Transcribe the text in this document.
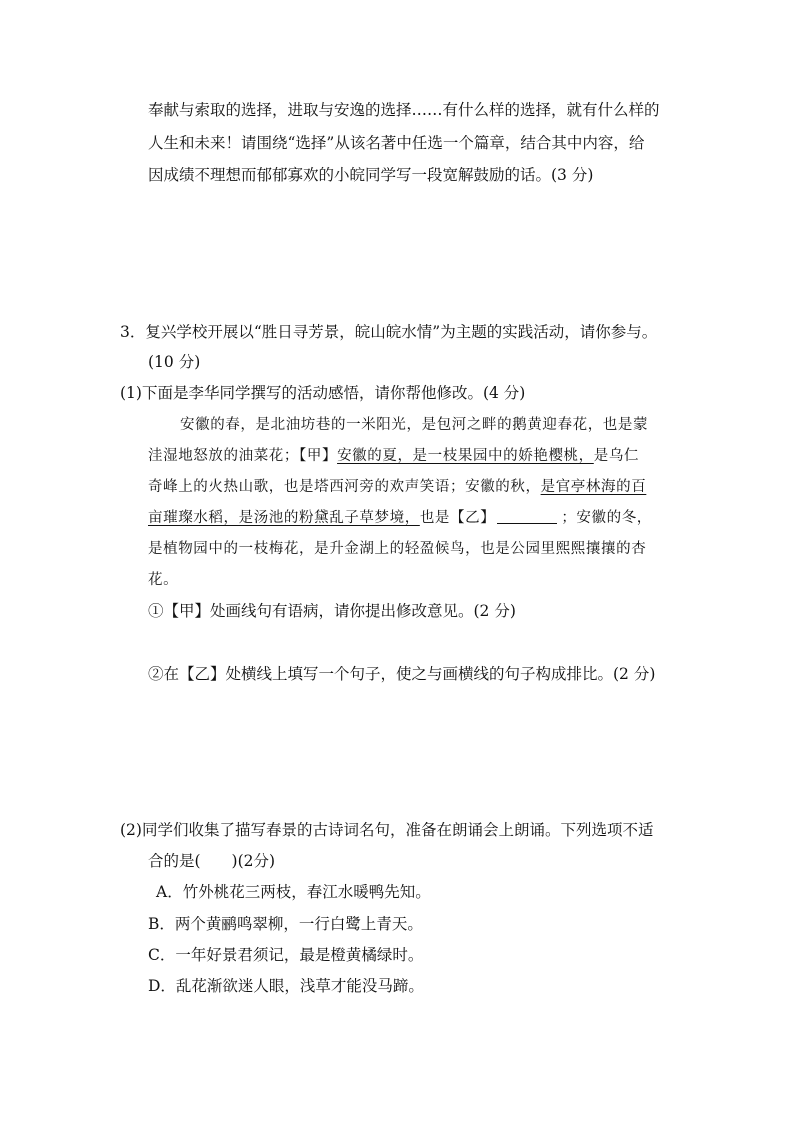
奉献与索取的选择，进取与安逸的选择……有什么样的选择，就有什么样的
人生和未来！请围绕“选择”从该名著中任选一个篇章，结合其中内容，给
因成绩不理想而郁郁寡欢的小皖同学写一段宽解鼓励的话。(3 分)
3．复兴学校开展以“胜日寻芳景，皖山皖水情”为主题的实践活动，请你参与。
(10 分)
(1)下面是李华同学撰写的活动感悟，请你帮他修改。(4 分)
安徽的春，是北油坊巷的一米阳光，是包河之畔的鹅黄迎春花，也是蒙
洼湿地怒放的油菜花；【甲】安徽的夏，是一枝果园中的娇艳樱桃，是乌仁
奇峰上的火热山歌，也是塔西河旁的欢声笑语；安徽的秋，是官亭林海的百
亩璀璨水稻，是汤池的粉黛乱子草梦境，也是【乙】	；安徽的冬，
是植物园中的一枝梅花，是升金湖上的轻盈候鸟，也是公园里熙熙攘攘的杏
花。
①【甲】处画线句有语病，请你提出修改意见。(2 分)
②在【乙】处横线上填写一个句子，使之与画横线的句子构成排比。(2 分)
(2)同学们收集了描写春景的古诗词名句，准备在朗诵会上朗诵。下列选项不适
合的是(　　)(2分)
A．竹外桃花三两枝，春江水暖鸭先知。
B．两个黄鹂鸣翠柳，一行白鹭上青天。
C．一年好景君须记，最是橙黄橘绿时。
D．乱花渐欲迷人眼，浅草才能没马蹄。
